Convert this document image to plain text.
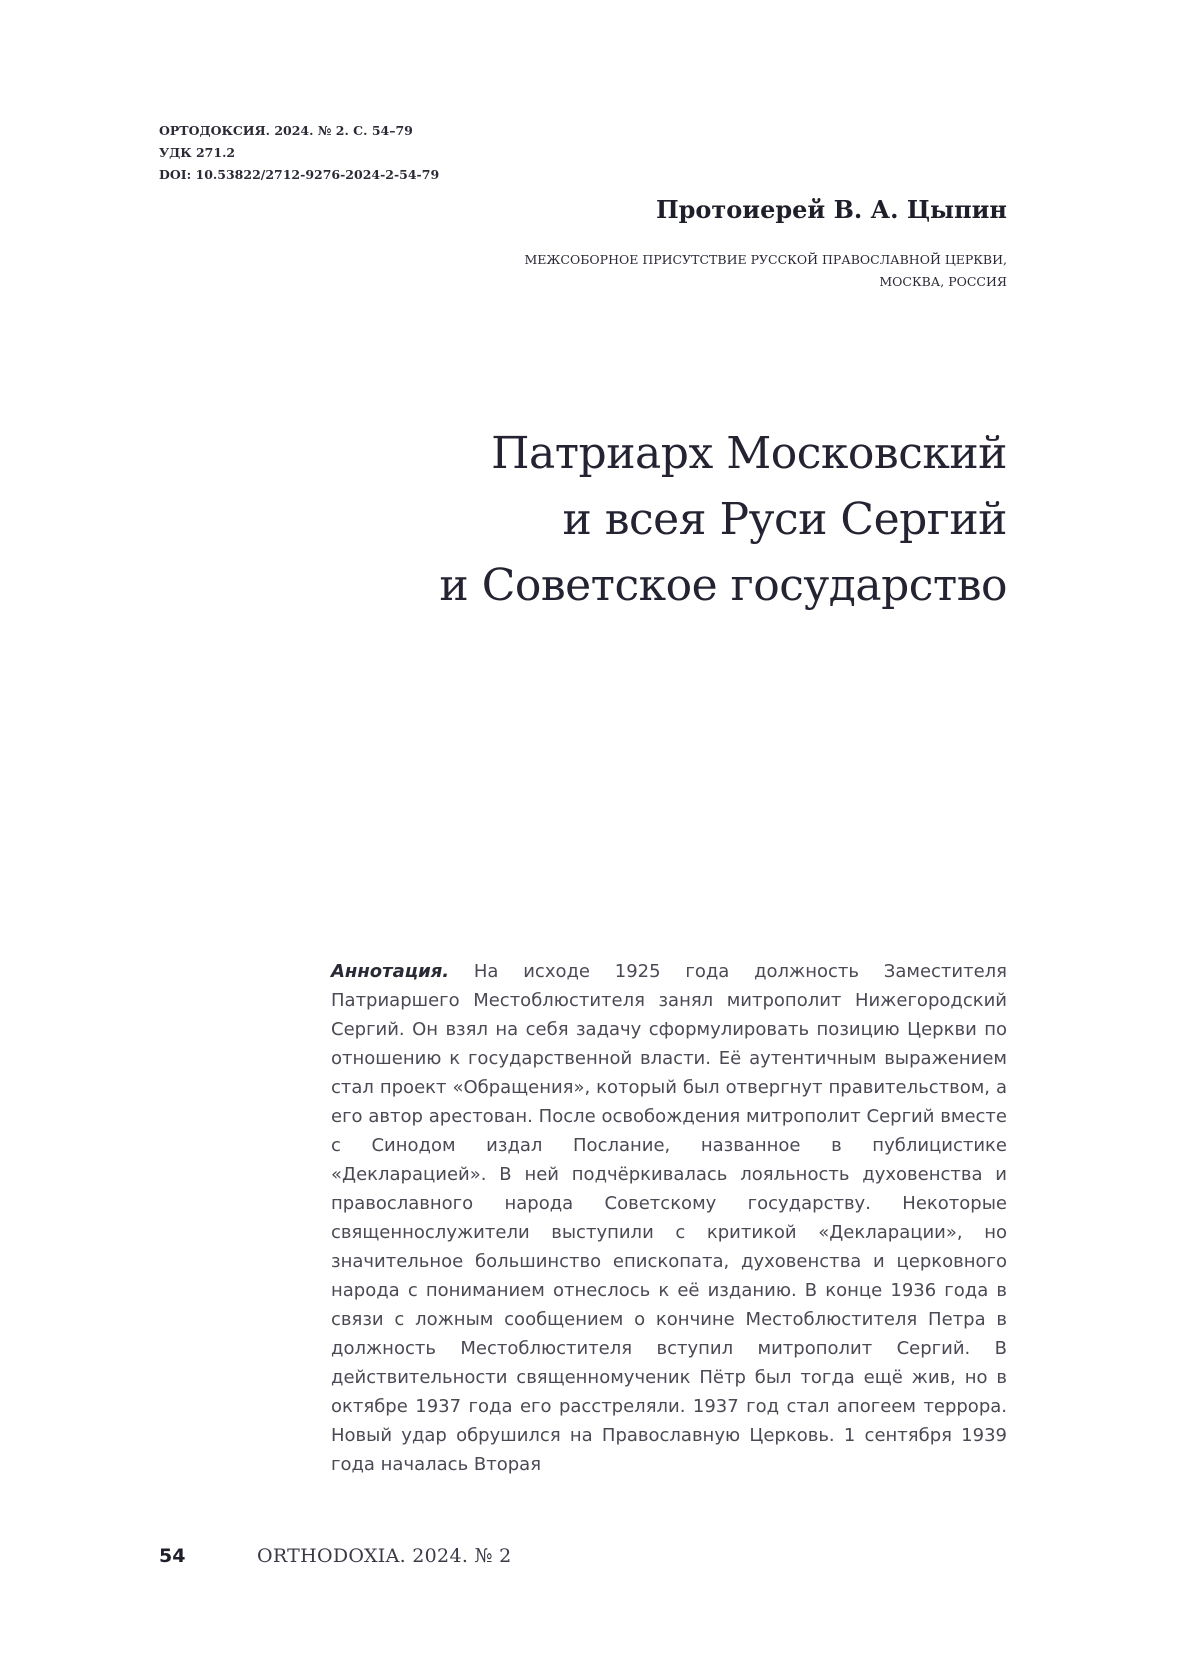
ОРТОДОКСИЯ. 2024. № 2. С. 54–79
УДК 271.2
DOI: 10.53822/2712-9276-2024-2-54-79
Протоиерей В. А. Цыпин
МЕЖСОБОРНОЕ ПРИСУТСТВИЕ РУССКОЙ ПРАВОСЛАВНОЙ ЦЕРКВИ,
МОСКВА, РОССИЯ
Патриарх Московский
и всея Руси Сергий
и Советское государство

Аннотация. На исходе 1925 года должность Заместителя Патриаршего Местоблюстителя занял митрополит Нижегородский Сергий. Он взял на себя задачу сформулировать позицию Церкви по отношению к государственной власти. Её аутентичным выражением стал проект «Обращения», который был отвергнут правительством, а его автор арестован. После освобождения митрополит Сергий вместе с Синодом издал Послание, названное в публицистике «Декларацией». В ней подчёркивалась лояльность духовенства и православного народа Советскому государству. Некоторые священнослужители выступили с критикой «Декларации», но значительное большинство епископата, духовенства и церковного народа с пониманием отнеслось к её изданию. В конце 1936 года в связи с ложным сообщением о кончине Местоблюстителя Петра в должность Местоблюстителя вступил митрополит Сергий. В действительности священномученик Пётр был тогда ещё жив, но в октябре 1937 года его расстреляли. 1937 год стал апогеем террора. Новый удар обрушился на Православную Церковь. 1 сентября 1939 года началась Вторая

54	ORTHODOXIA. 2024. № 2
